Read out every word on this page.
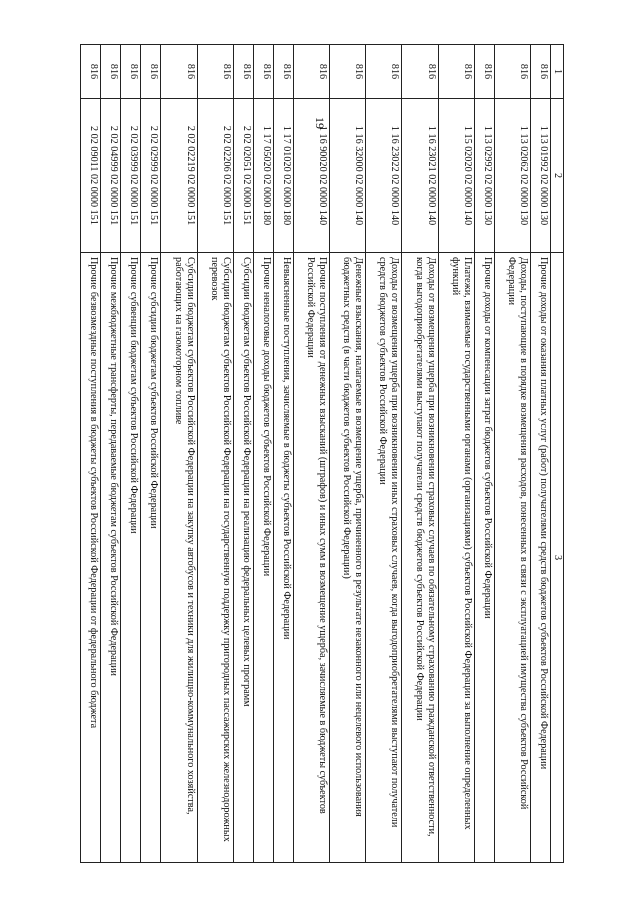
19
1	2	3
816	1 13 01992 02 0000 130	Прочие доходы от оказания платных услуг (работ) получателями средств бюджетов субъектов Российской Федерации
816	1 13 02062 02 0000 130	Доходы, поступающие в порядке возмещения расходов, понесенных в связи с эксплуатацией имущества субъектов Российской Федерации
816	1 13 02992 02 0000 130	Прочие доходы от компенсации затрат бюджетов субъектов Российской Федерации
816	1 15 02020 02 0000 140	Платежи, взимаемые государственными органами (организациями) субъектов Российской Федерации за выполнение определенных функций
816	1 16 23021 02 0000 140	Доходы от возмещения ущерба при возникновении страховых случаев по обязательному страхованию гражданской ответственности, когда выгодоприобретателями выступают получатели средств бюджетов субъектов Российской Федерации
816	1 16 23022 02 0000 140	Доходы от возмещения ущерба при возникновении иных страховых случаев, когда выгодоприобретателями выступают получатели средств бюджетов субъектов Российской Федерации
816	1 16 32000 02 0000 140	Денежные взыскания, налагаемые в возмещение ущерба, причиненного в результате незаконного или нецелевого использования бюджетных средств (в части бюджетов субъектов Российской Федерации)
816	1 16 90020 02 0000 140	Прочие поступления от денежных взысканий (штрафов) и иных сумм в возмещение ущерба, зачисляемые в бюджеты субъектов Российской Федерации
816	1 17 01020 02 0000 180	Невыясненные поступления, зачисляемые в бюджеты субъектов Российской Федерации
816	1 17 05020 02 0000 180	Прочие неналоговые доходы бюджетов субъектов Российской Федерации
816	2 02 02051 02 0000 151	Субсидии бюджетам субъектов Российской Федерации на реализацию федеральных целевых программ
816	2 02 02206 02 0000 151	Субсидии бюджетам субъектов Российской Федерации на государственную поддержку пригородных пассажирских железнодорожных перевозок
816	2 02 02219 02 0000 151	Субсидии бюджетам субъектов Российской Федерации на закупку автобусов и техники для жилищно-коммунального хозяйства, работающих на газомоторном топливе
816	2 02 02999 02 0000 151	Прочие субсидии бюджетам субъектов Российской Федерации
816	2 02 03999 02 0000 151	Прочие субвенции бюджетам субъектов Российской Федерации
816	2 02 04999 02 0000 151	Прочие межбюджетные трансферты, передаваемые бюджетам субъектов Российской Федерации
816	2 02 09011 02 0000 151	Прочие безвозмездные поступления в бюджеты субъектов Российской Федерации от федерального бюджета
